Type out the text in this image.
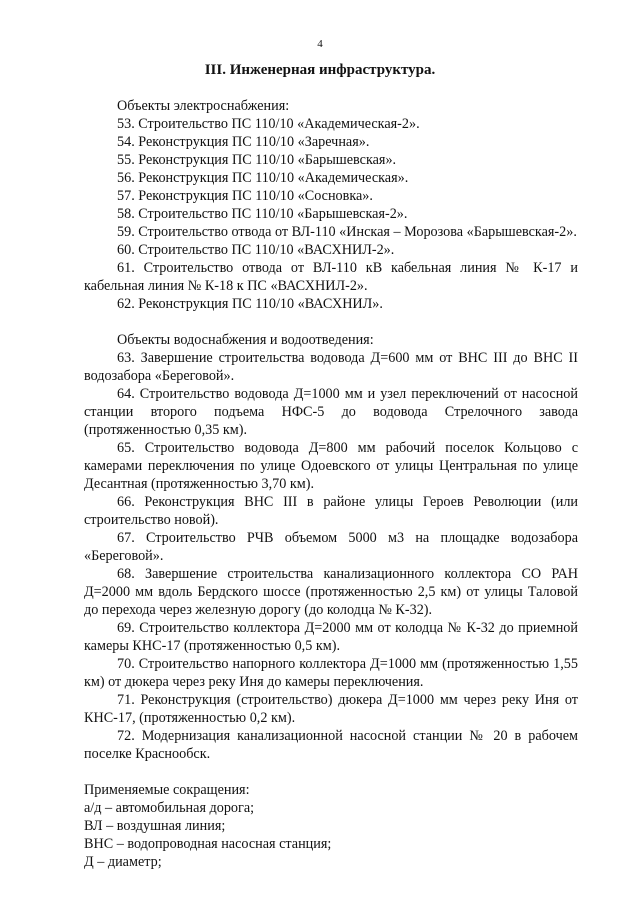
4
III. Инженерная инфраструктура.

Объекты электроснабжения:

53. Строительство ПС 110/10 «Академическая-2».

54. Реконструкция ПС 110/10 «Заречная».

55. Реконструкция ПС 110/10 «Барышевская».

56. Реконструкция ПС 110/10 «Академическая».

57. Реконструкция ПС 110/10 «Сосновка».

58. Строительство ПС 110/10 «Барышевская-2».

59. Строительство отвода от ВЛ-110 «Инская – Морозова «Барышевская-2».

60. Строительство ПС 110/10 «ВАСХНИЛ-2».

61. Строительство отвода от ВЛ-110 кВ кабельная линия № К-17 и кабельная линия № К-18 к ПС «ВАСХНИЛ-2».

62. Реконструкция ПС 110/10 «ВАСХНИЛ».

Объекты водоснабжения и водоотведения:

63. Завершение строительства водовода Д=600 мм от ВНС III до ВНС II водозабора «Береговой».

64. Строительство водовода Д=1000 мм и узел переключений от насосной станции второго подъема НФС-5 до водовода Стрелочного завода (протяженностью 0,35 км).

65. Строительство водовода Д=800 мм рабочий поселок Кольцово с камерами переключения по улице Одоевского от улицы Центральная по улице Десантная (протяженностью 3,70 км).

66. Реконструкция ВНС III в районе улицы Героев Революции (или строительство новой).

67. Строительство РЧВ объемом 5000 м3 на площадке водозабора «Береговой».

68. Завершение строительства канализационного коллектора СО РАН Д=2000 мм вдоль Бердского шоссе (протяженностью 2,5 км) от улицы Таловой до перехода через железную дорогу (до колодца № К-32).

69. Строительство коллектора Д=2000 мм от колодца № К-32 до приемной камеры КНС-17 (протяженностью 0,5 км).

70. Строительство напорного коллектора Д=1000 мм (протяженностью 1,55 км) от дюкера через реку Иня до камеры переключения.

71. Реконструкция (строительство) дюкера Д=1000 мм через реку Иня от КНС-17, (протяженностью 0,2 км).

72. Модернизация канализационной насосной станции № 20 в рабочем поселке Краснообск.

Применяемые сокращения:

а/д – автомобильная дорога;

ВЛ – воздушная линия;

ВНС – водопроводная насосная станция;

Д – диаметр;
